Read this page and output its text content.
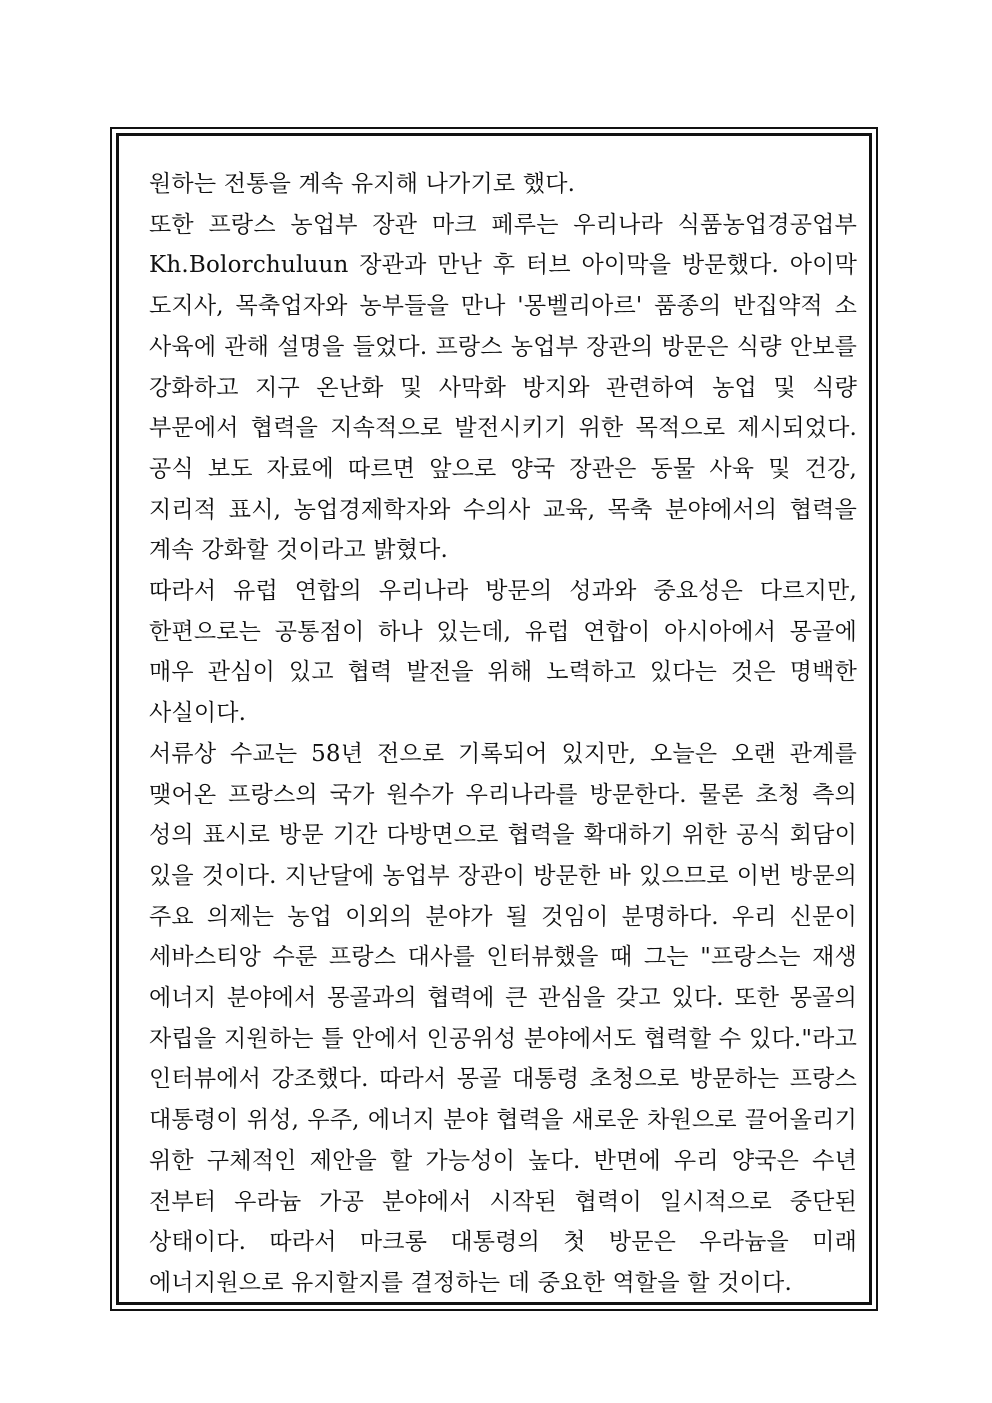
원하는 전통을 계속 유지해 나가기로 했다.

또한 프랑스 농업부 장관 마크 페루는 우리나라 식품농업경공업부 Kh.Bolorchuluun 장관과 만난 후 터브 아이막을 방문했다. 아이막 도지사, 목축업자와 농부들을 만나 '몽벨리아르' 품종의 반집약적 소 사육에 관해 설명을 들었다. 프랑스 농업부 장관의 방문은 식량 안보를 강화하고 지구 온난화 및 사막화 방지와 관련하여 농업 및 식량 부문에서 협력을 지속적으로 발전시키기 위한 목적으로 제시되었다. 공식 보도 자료에 따르면 앞으로 양국 장관은 동물 사육 및 건강, 지리적 표시, 농업경제학자와 수의사 교육, 목축 분야에서의 협력을 계속 강화할 것이라고 밝혔다.

따라서 유럽 연합의 우리나라 방문의 성과와 중요성은 다르지만, 한편으로는 공통점이 하나 있는데, 유럽 연합이 아시아에서 몽골에 매우 관심이 있고 협력 발전을 위해 노력하고 있다는 것은 명백한 사실이다.

서류상 수교는 58년 전으로 기록되어 있지만, 오늘은 오랜 관계를 맺어온 프랑스의 국가 원수가 우리나라를 방문한다. 물론 초청 측의 성의 표시로 방문 기간 다방면으로 협력을 확대하기 위한 공식 회담이 있을 것이다. 지난달에 농업부 장관이 방문한 바 있으므로 이번 방문의 주요 의제는 농업 이외의 분야가 될 것임이 분명하다. 우리 신문이 세바스티앙 수룬 프랑스 대사를 인터뷰했을 때 그는 "프랑스는 재생 에너지 분야에서 몽골과의 협력에 큰 관심을 갖고 있다. 또한 몽골의 자립을 지원하는 틀 안에서 인공위성 분야에서도 협력할 수 있다."라고 인터뷰에서 강조했다. 따라서 몽골 대통령 초청으로 방문하는 프랑스 대통령이 위성, 우주, 에너지 분야 협력을 새로운 차원으로 끌어올리기 위한 구체적인 제안을 할 가능성이 높다. 반면에 우리 양국은 수년 전부터 우라늄 가공 분야에서 시작된 협력이 일시적으로 중단된 상태이다. 따라서 마크롱 대통령의 첫 방문은 우라늄을 미래 에너지원으로 유지할지를 결정하는 데 중요한 역할을 할 것이다.
